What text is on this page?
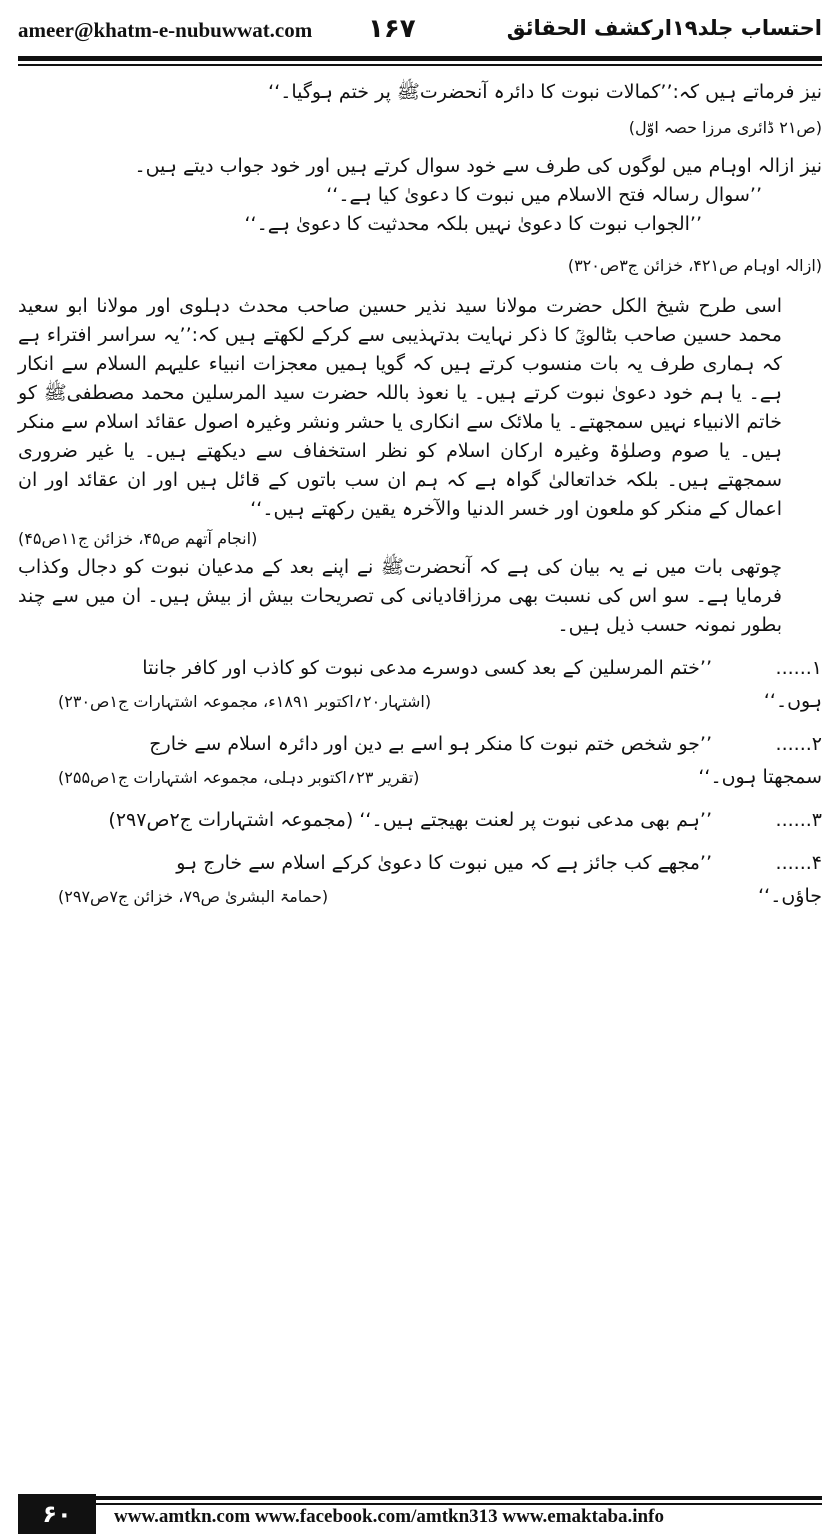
ameer@khatm-e-nubuwwat.com ۱۶۷	احتساب جلد۱۹ارکشف الحقائق

نیز فرماتے ہیں کہ:’’کمالات نبوت کا دائرہ آنحضرتﷺ پر ختم ہوگیا۔‘‘

(ص۲۱ ڈائری مرزا حصہ اوّل)

نیز ازالہ اوہام میں لوگوں کی طرف سے خود سوال کرتے ہیں اور خود جواب دیتے ہیں۔

’’سوال رسالہ فتح الاسلام میں نبوت کا دعویٰ کیا ہے۔‘‘

’’الجواب نبوت کا دعویٰ نہیں بلکہ محدثیت کا دعویٰ ہے۔‘‘

(ازالہ اوہام ص۴۲۱، خزائن ج۳ص۳۲۰)

اسی طرح شیخ الکل حضرت مولانا سید نذیر حسین صاحب محدث دہلوی اور مولانا ابو سعید محمد حسین صاحب بٹالویؒ کا ذکر نہایت بدتہذیبی سے کرکے لکھتے ہیں کہ:’’یہ سراسر افتراء ہے کہ ہماری طرف یہ بات منسوب کرتے ہیں کہ گویا ہمیں معجزات انبیاء علیہم السلام سے انکار ہے۔ یا ہم خود دعویٰ نبوت کرتے ہیں۔ یا نعوذ باللہ حضرت سید المرسلین محمد مصطفیﷺ کو خاتم الانبیاء نہیں سمجھتے۔ یا ملائک سے انکاری یا حشر ونشر وغیرہ اصول عقائد اسلام سے منکر ہیں۔ یا صوم وصلوٰۃ وغیرہ ارکان اسلام کو نظر استخفاف سے دیکھتے ہیں۔ یا غیر ضروری سمجھتے ہیں۔ بلکہ خداتعالیٰ گواہ ہے کہ ہم ان سب باتوں کے قائل ہیں اور ان عقائد اور ان اعمال کے منکر کو ملعون اور خسر الدنیا والآخرہ یقین رکھتے ہیں۔‘‘

(انجام آتھم ص۴۵، خزائن ج۱۱ص۴۵)

چوتھی بات میں نے یہ بیان کی ہے کہ آنحضرتﷺ نے اپنے بعد کے مدعیان نبوت کو دجال وکذاب فرمایا ہے۔ سو اس کی نسبت بھی مرزاقادیانی کی تصریحات بیش از بیش ہیں۔ ان میں سے چند بطور نمونہ حسب ذیل ہیں۔

۱......
’’ختم المرسلین کے بعد کسی دوسرے مدعی نبوت کو کاذب اور کافر جانتا
ہوں۔‘‘
(اشتہار۲۰؍اکتوبر ۱۸۹۱ء، مجموعہ اشتہارات ج۱ص۲۳۰)
۲......
’’جو شخص ختم نبوت کا منکر ہو اسے بے دین اور دائرہ اسلام سے خارج
سمجھتا ہوں۔‘‘
(تقریر ۲۳؍اکتوبر دہلی، مجموعہ اشتہارات ج۱ص۲۵۵)
۳......
’’ہم بھی مدعی نبوت پر لعنت بھیجتے ہیں۔‘‘ (مجموعہ اشتہارات ج۲ص۲۹۷)
۴......
’’مجھے کب جائز ہے کہ میں نبوت کا دعویٰ کرکے اسلام سے خارج ہو
جاؤں۔‘‘
(حمامۃ البشریٰ ص۷۹، خزائن ج۷ص۲۹۷)
۶۰	www.amtkn.com www.facebook.com/amtkn313 www.emaktaba.info
